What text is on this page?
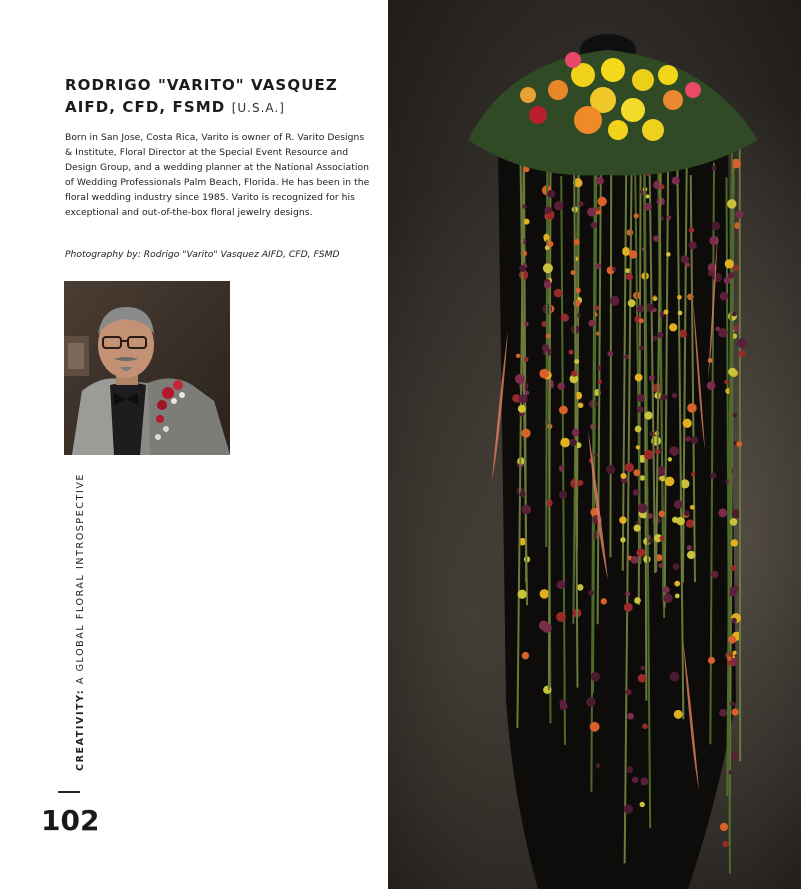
RODRIGO "VARITO" VASQUEZ AIFD, CFD, FSMD [U.S.A.]
Born in San Jose, Costa Rica, Varito is owner of R. Varito Designs & Institute, Floral Director at the Special Event Resource and Design Group, and a wedding planner at the National Association of Wedding Professionals Palm Beach, Florida. He has been in the floral wedding industry since 1985. Varito is recognized for his exceptional and out-of-the-box floral jewelry designs.
Photography by: Rodrigo "Varito" Vasquez AIFD, CFD, FSMD
CREATIVITY: A GLOBAL FLORAL INTROSPECTIVE
102
